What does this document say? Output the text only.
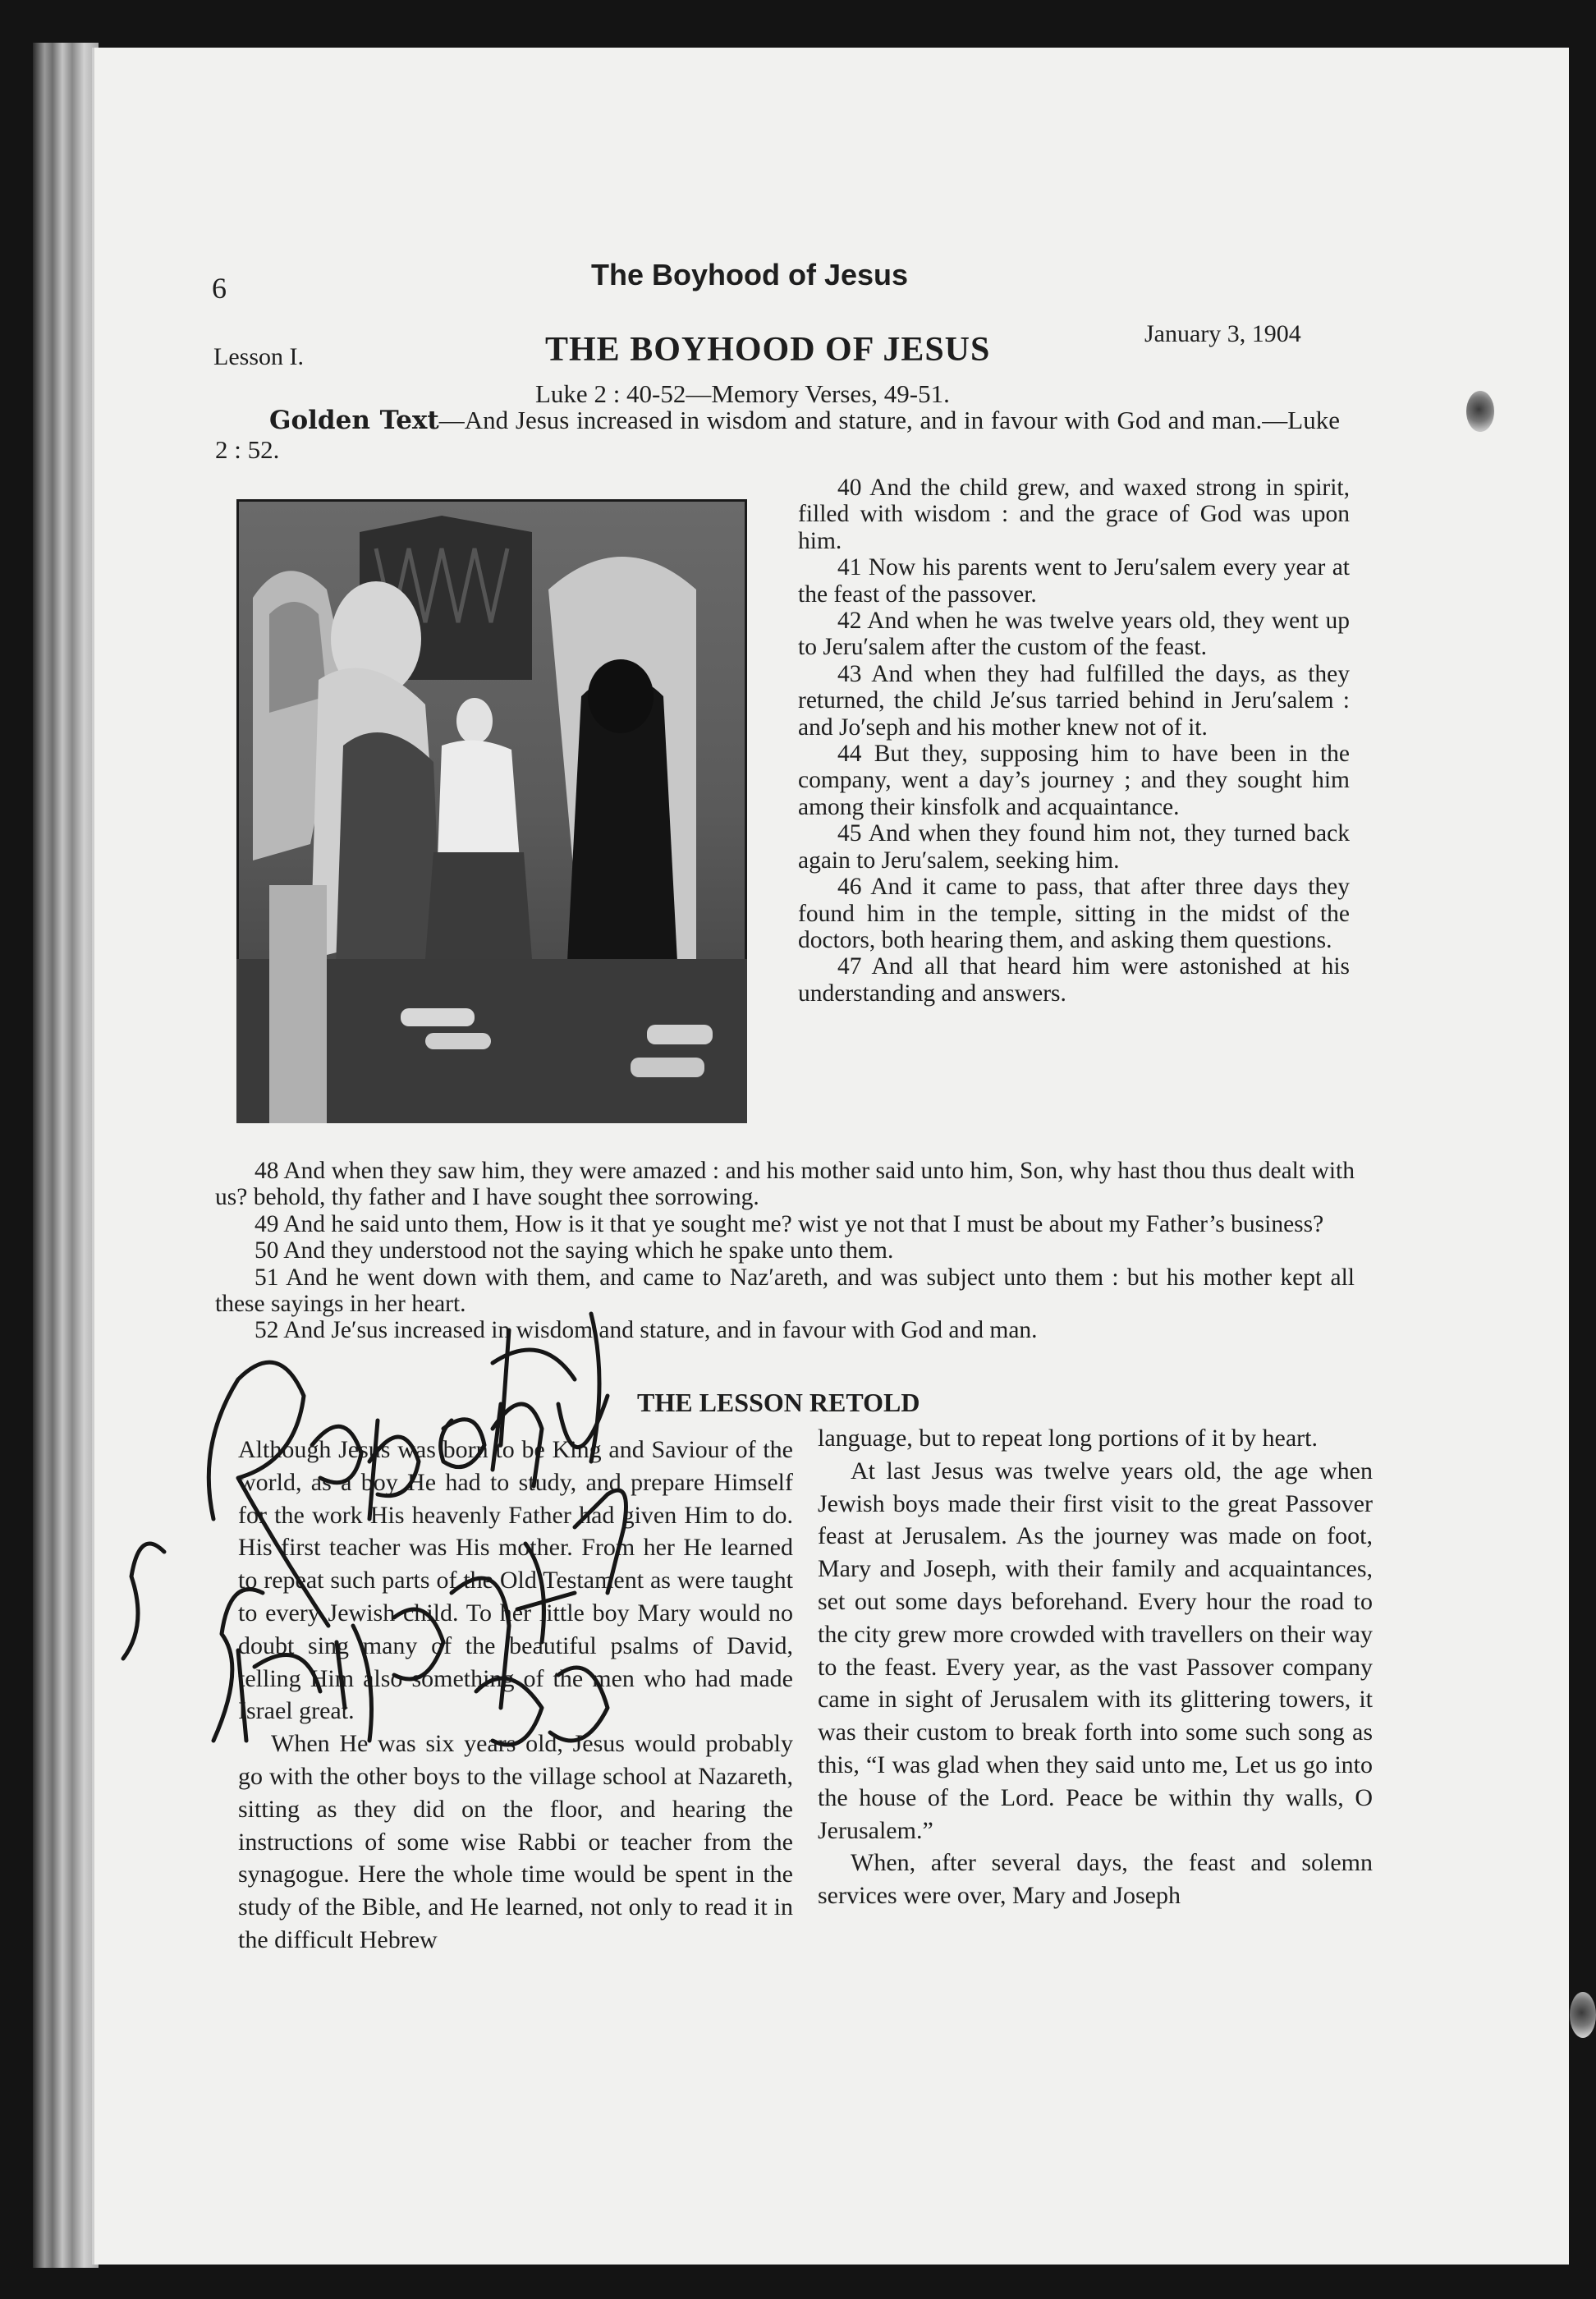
6	The Boyhood of Jesus
Lesson I.	THE BOYHOOD OF JESUS	January 3, 1904
Luke 2 : 40-52—Memory Verses, 49-51.
Golden Text—And Jesus increased in wisdom and stature, and in favour with God and man.—Luke 2 : 52.

40 And the child grew, and waxed strong in spirit, filled with wisdom : and the grace of God was upon him.

41 Now his parents went to Jeru′salem every year at the feast of the passover.

42 And when he was twelve years old, they went up to Jeru′salem after the custom of the feast.

43 And when they had fulfilled the days, as they returned, the child Je′sus tarried behind in Jeru′salem : and Jo′seph and his mother knew not of it.

44 But they, supposing him to have been in the company, went a day’s journey ; and they sought him among their kinsfolk and acquaintance.

45 And when they found him not, they turned back again to Jeru′salem, seeking him.

46 And it came to pass, that after three days they found him in the temple, sitting in the midst of the doctors, both hearing them, and asking them questions.

47 And all that heard him were astonished at his understanding and answers.

48 And when they saw him, they were amazed : and his mother said unto him, Son, why hast thou thus dealt with us? behold, thy father and I have sought thee sorrowing.

49 And he said unto them, How is it that ye sought me? wist ye not that I must be about my Father’s business?

50 And they understood not the saying which he spake unto them.

51 And he went down with them, and came to Naz′areth, and was subject unto them : but his mother kept all these sayings in her heart.

52 And Je′sus increased in wisdom and stature, and in favour with God and man.

THE LESSON RETOLD

Although Jesus was born to be King and Saviour of the world, as a boy He had to study, and prepare Himself for the work His heavenly Father had given Him to do. His first teacher was His mother. From her He learned to repeat such parts of the Old Testament as were taught to every Jewish child. To her little boy Mary would no doubt sing many of the beautiful psalms of David, telling Him also something of the men who had made Israel great.

When He was six years old, Jesus would probably go with the other boys to the village school at Nazareth, sitting as they did on the floor, and hearing the instructions of some wise Rabbi or teacher from the synagogue. Here the whole time would be spent in the study of the Bible, and He learned, not only to read it in the difficult Hebrew

language, but to repeat long portions of it by heart.

At last Jesus was twelve years old, the age when Jewish boys made their first visit to the great Passover feast at Jerusalem. As the journey was made on foot, Mary and Joseph, with their family and acquaintances, set out some days beforehand. Every hour the road to the city grew more crowded with travellers on their way to the feast. Every year, as the vast Passover company came in sight of Jerusalem with its glittering towers, it was their custom to break forth into some such song as this, “I was glad when they said unto me, Let us go into the house of the Lord. Peace be within thy walls, O Jerusalem.”

When, after several days, the feast and solemn services were over, Mary and Joseph
